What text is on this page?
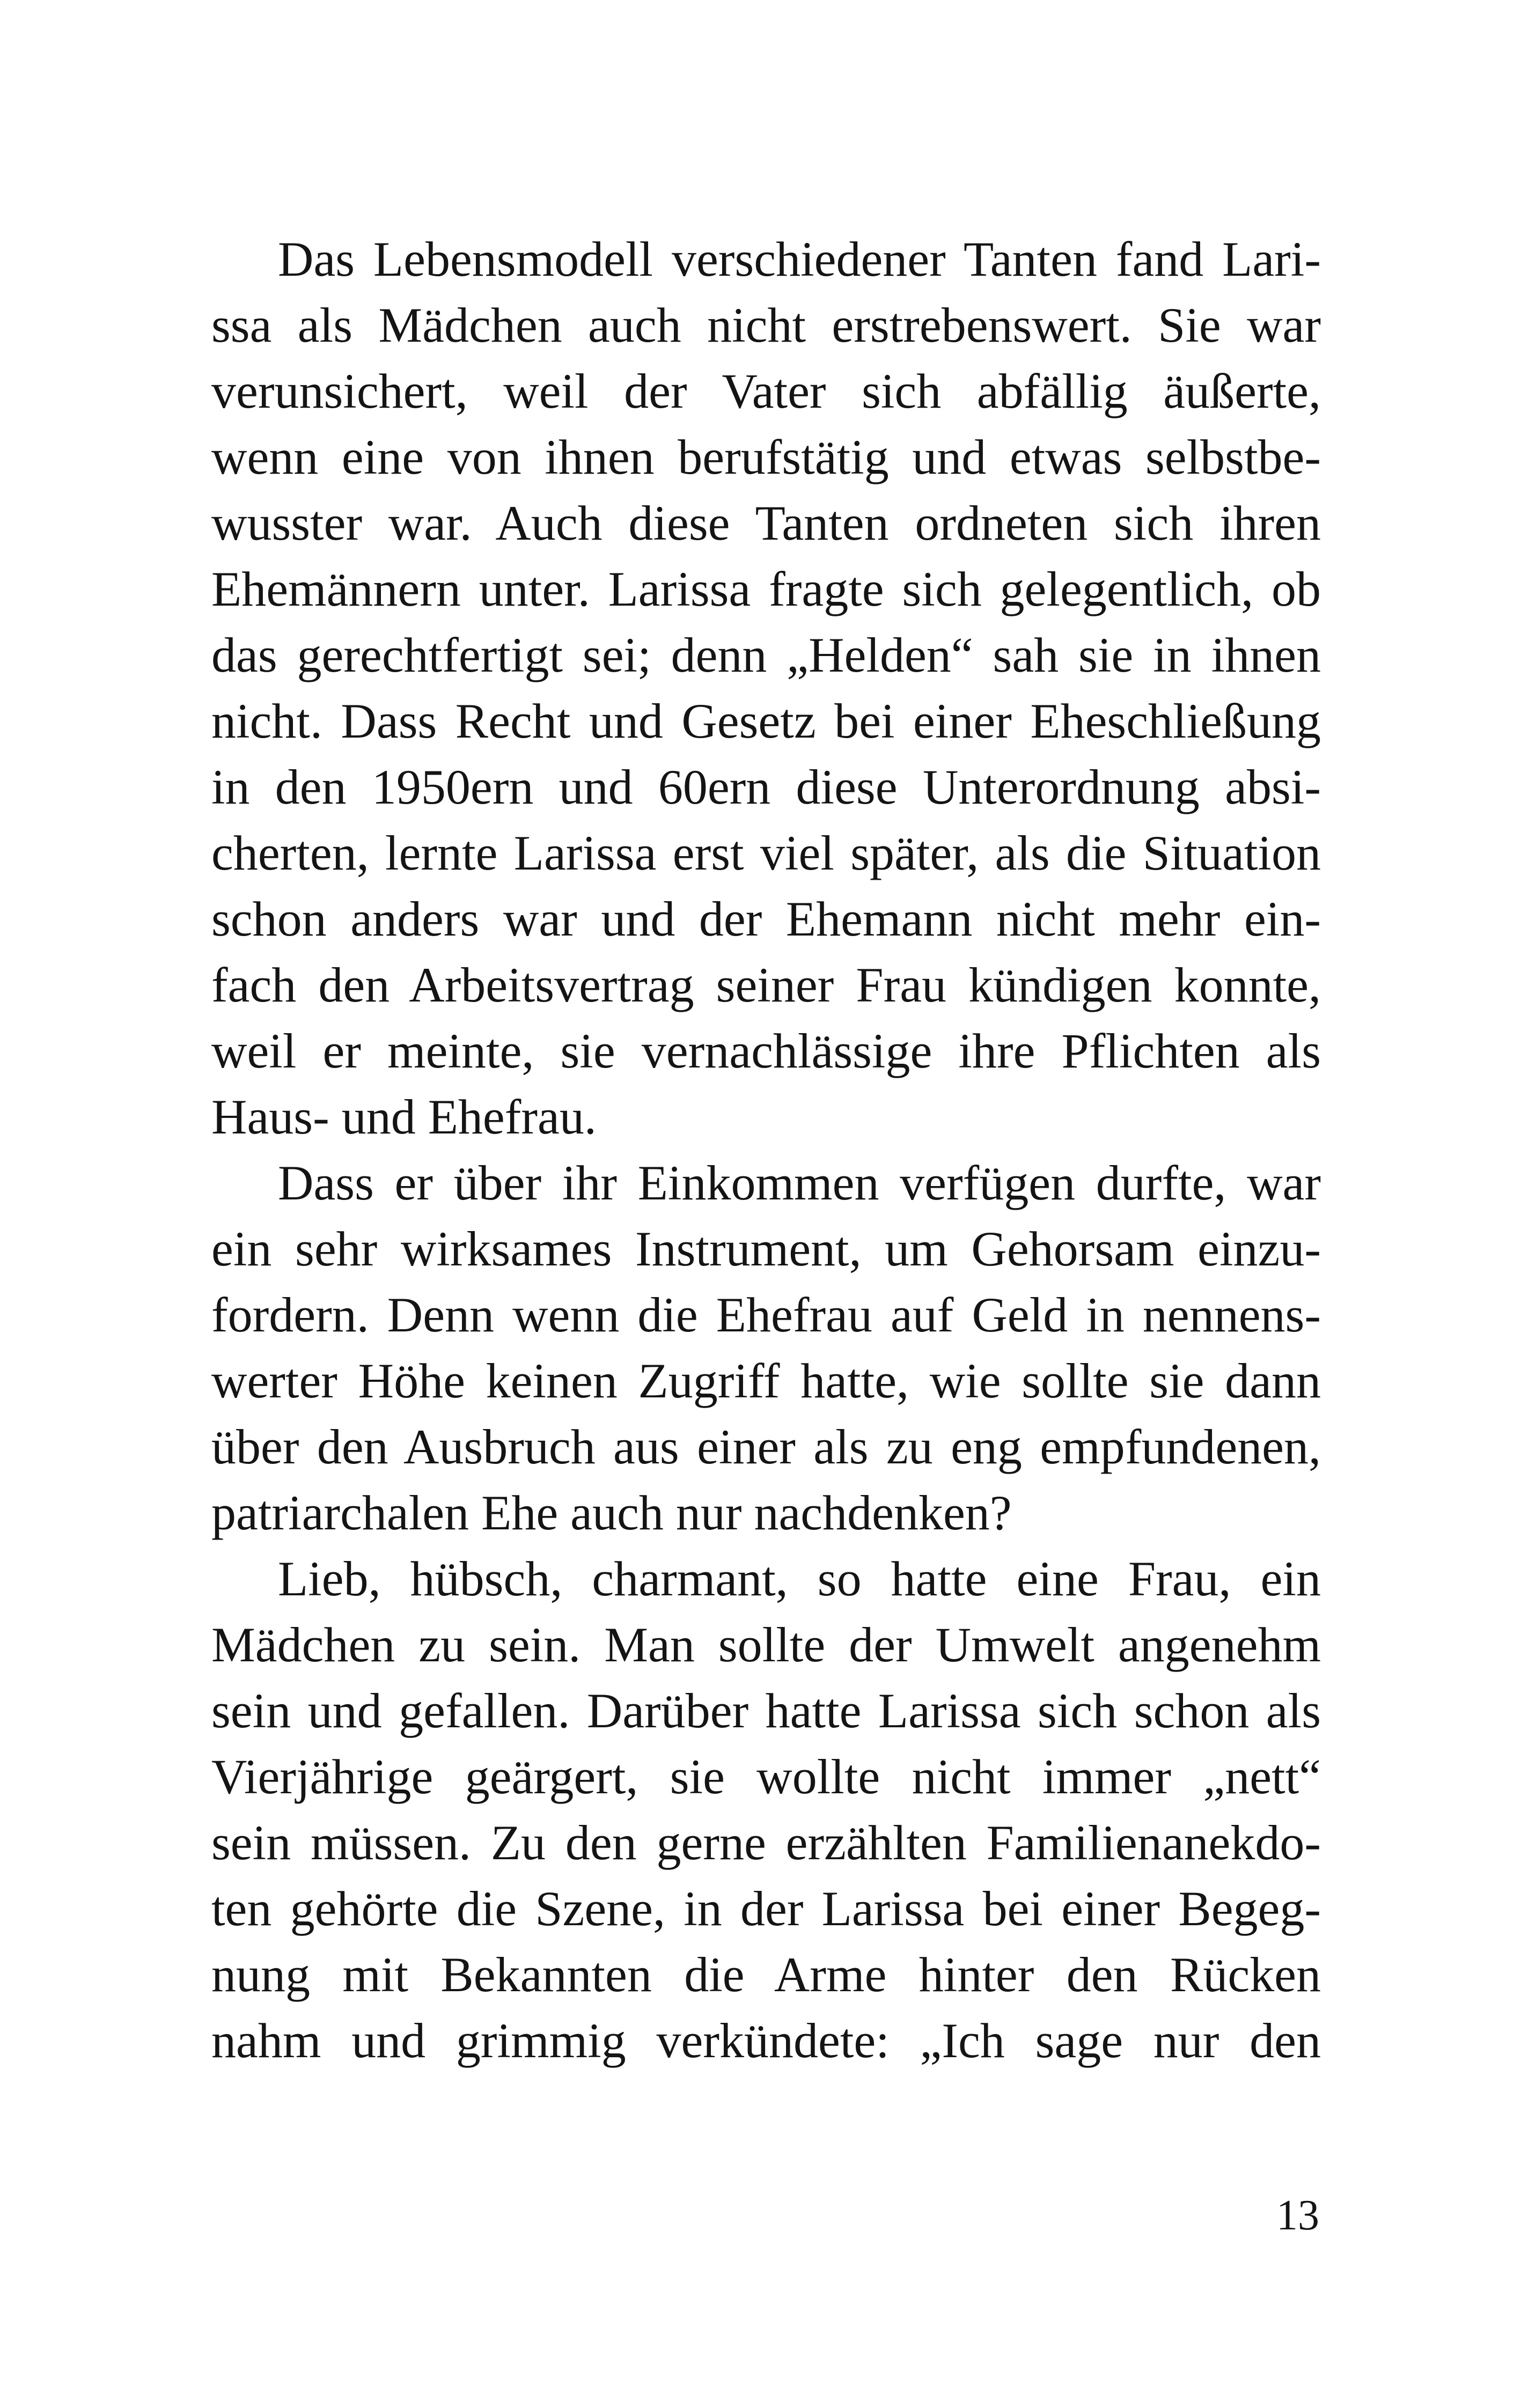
Das Lebensmodell verschiedener Tanten fand Lari-
ssa als Mädchen auch nicht erstrebenswert. Sie war
verunsichert, weil der Vater sich abfällig äußerte,
wenn eine von ihnen berufstätig und etwas selbstbe-
wusster war. Auch diese Tanten ordneten sich ihren
Ehemännern unter. Larissa fragte sich gelegentlich, ob
das gerechtfertigt sei; denn „Helden“ sah sie in ihnen
nicht. Dass Recht und Gesetz bei einer Eheschließung
in den 1950ern und 60ern diese Unterordnung absi-
cherten, lernte Larissa erst viel später, als die Situation
schon anders war und der Ehemann nicht mehr ein-
fach den Arbeitsvertrag seiner Frau kündigen konnte,
weil er meinte, sie vernachlässige ihre Pflichten als
Haus- und Ehefrau.
Dass er über ihr Einkommen verfügen durfte, war
ein sehr wirksames Instrument, um Gehorsam einzu-
fordern. Denn wenn die Ehefrau auf Geld in nennens-
werter Höhe keinen Zugriff hatte, wie sollte sie dann
über den Ausbruch aus einer als zu eng empfundenen,
patriarchalen Ehe auch nur nachdenken?
Lieb, hübsch, charmant, so hatte eine Frau, ein
Mädchen zu sein. Man sollte der Umwelt angenehm
sein und gefallen. Darüber hatte Larissa sich schon als
Vierjährige geärgert, sie wollte nicht immer „nett“
sein müssen. Zu den gerne erzählten Familienanekdo-
ten gehörte die Szene, in der Larissa bei einer Begeg-
nung mit Bekannten die Arme hinter den Rücken
nahm und grimmig verkündete: „Ich sage nur den
13
